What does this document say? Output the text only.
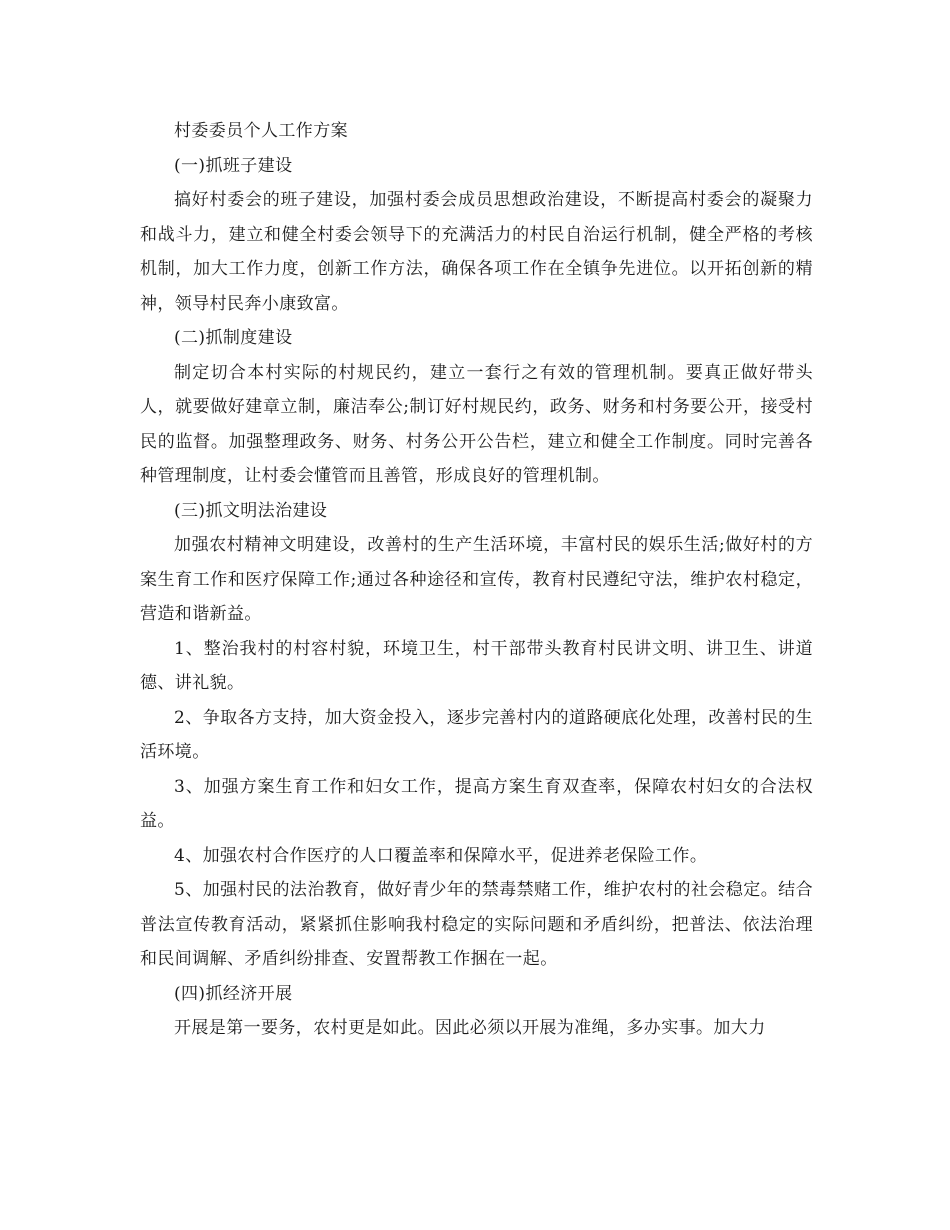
村委委员个人工作方案

(一)抓班子建设

搞好村委会的班子建设，加强村委会成员思想政治建设，不断提高村委会的凝聚力和战斗力，建立和健全村委会领导下的充满活力的村民自治运行机制，健全严格的考核机制，加大工作力度，创新工作方法，确保各项工作在全镇争先进位。以开拓创新的精神，领导村民奔小康致富。

(二)抓制度建设

制定切合本村实际的村规民约，建立一套行之有效的管理机制。要真正做好带头人，就要做好建章立制，廉洁奉公;制订好村规民约，政务、财务和村务要公开，接受村民的监督。加强整理政务、财务、村务公开公告栏，建立和健全工作制度。同时完善各种管理制度，让村委会懂管而且善管，形成良好的管理机制。

(三)抓文明法治建设

加强农村精神文明建设，改善村的生产生活环境，丰富村民的娱乐生活;做好村的方案生育工作和医疗保障工作;通过各种途径和宣传，教育村民遵纪守法，维护农村稳定，营造和谐新益。

1、整治我村的村容村貌，环境卫生，村干部带头教育村民讲文明、讲卫生、讲道德、讲礼貌。

2、争取各方支持，加大资金投入，逐步完善村内的道路硬底化处理，改善村民的生活环境。

3、加强方案生育工作和妇女工作，提高方案生育双查率，保障农村妇女的合法权益。

4、加强农村合作医疗的人口覆盖率和保障水平，促进养老保险工作。

5、加强村民的法治教育，做好青少年的禁毒禁赌工作，维护农村的社会稳定。结合普法宣传教育活动，紧紧抓住影响我村稳定的实际问题和矛盾纠纷，把普法、依法治理和民间调解、矛盾纠纷排查、安置帮教工作捆在一起。

(四)抓经济开展

开展是第一要务，农村更是如此。因此必须以开展为准绳，多办实事。加大力
